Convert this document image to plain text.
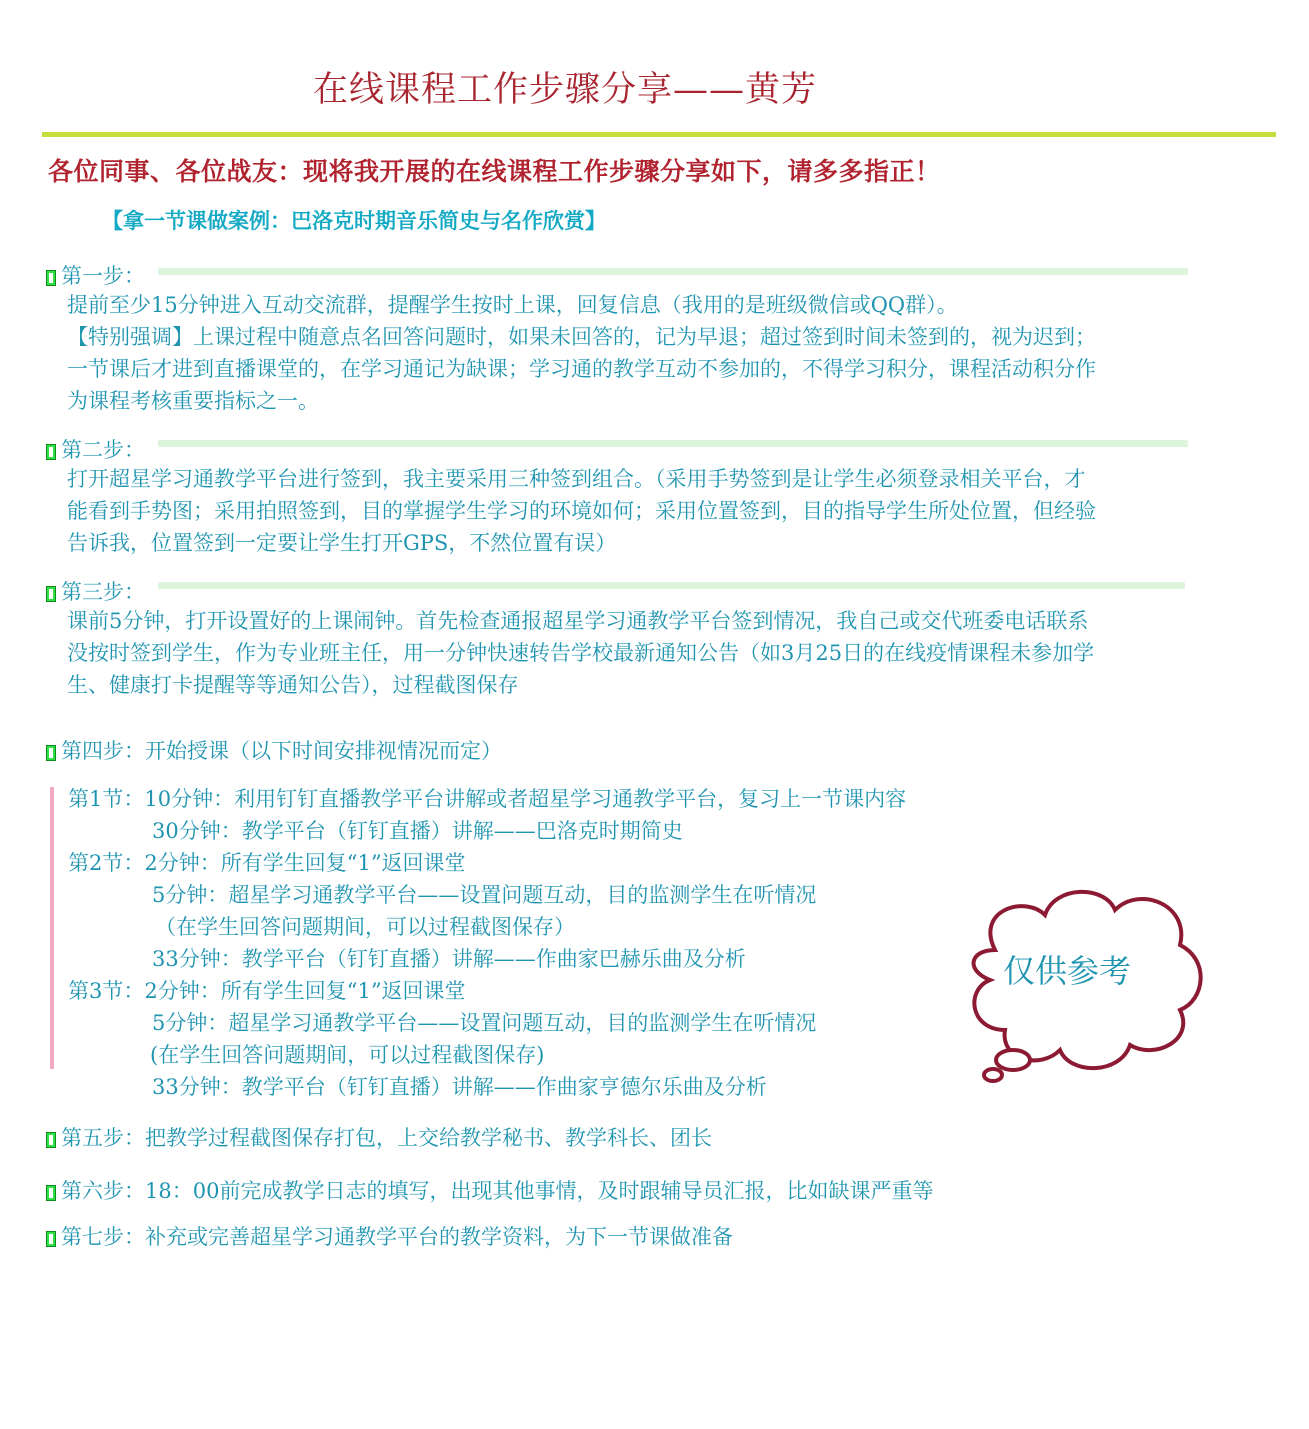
在线课程工作步骤分享——黄芳
各位同事、各位战友：现将我开展的在线课程工作步骤分享如下，请多多指正！
【拿一节课做案例：巴洛克时期音乐简史与名作欣赏】
第一步：
提前至少15分钟进入互动交流群，提醒学生按时上课，回复信息（我用的是班级微信或QQ群）。
【特别强调】上课过程中随意点名回答问题时，如果未回答的，记为早退；超过签到时间未签到的，视为迟到；
一节课后才进到直播课堂的，在学习通记为缺课；学习通的教学互动不参加的，不得学习积分，课程活动积分作
为课程考核重要指标之一。
第二步：
打开超星学习通教学平台进行签到，我主要采用三种签到组合。（采用手势签到是让学生必须登录相关平台，才
能看到手势图；采用拍照签到，目的掌握学生学习的环境如何；采用位置签到，目的指导学生所处位置，但经验
告诉我，位置签到一定要让学生打开GPS，不然位置有误）
第三步：
课前5分钟，打开设置好的上课闹钟。首先检查通报超星学习通教学平台签到情况，我自己或交代班委电话联系
没按时签到学生，作为专业班主任，用一分钟快速转告学校最新通知公告（如3月25日的在线疫情课程未参加学
生、健康打卡提醒等等通知公告），过程截图保存
第四步：开始授课（以下时间安排视情况而定）
第1节：10分钟：利用钉钉直播教学平台讲解或者超星学习通教学平台，复习上一节课内容
30分钟：教学平台（钉钉直播）讲解——巴洛克时期简史
第2节：2分钟：所有学生回复“1”返回课堂
5分钟：超星学习通教学平台——设置问题互动，目的监测学生在听情况
（在学生回答问题期间，可以过程截图保存）
33分钟：教学平台（钉钉直播）讲解——作曲家巴赫乐曲及分析
第3节：2分钟：所有学生回复“1”返回课堂
5分钟：超星学习通教学平台——设置问题互动，目的监测学生在听情况
(在学生回答问题期间，可以过程截图保存)
33分钟：教学平台（钉钉直播）讲解——作曲家亨德尔乐曲及分析
仅供参考
第五步：把教学过程截图保存打包，上交给教学秘书、教学科长、团长
第六步：18：00前完成教学日志的填写，出现其他事情，及时跟辅导员汇报，比如缺课严重等
第七步：补充或完善超星学习通教学平台的教学资料，为下一节课做准备
